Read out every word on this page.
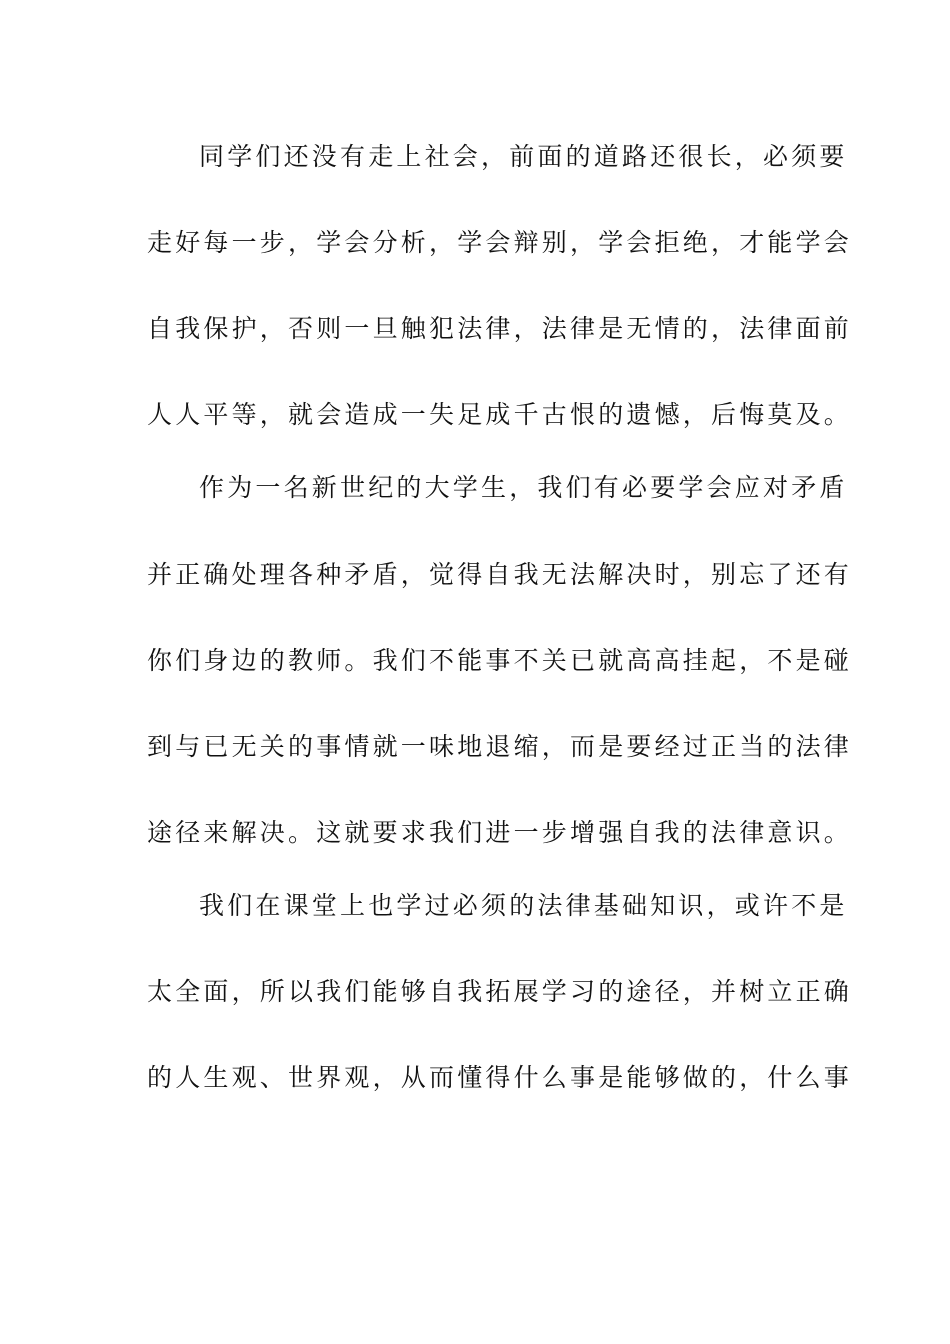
同学们还没有走上社会，前面的道路还很长，必须要
走好每一步，学会分析，学会辩别，学会拒绝，才能学会
自我保护，否则一旦触犯法律，法律是无情的，法律面前
人人平等，就会造成一失足成千古恨的遗憾，后悔莫及。
作为一名新世纪的大学生，我们有必要学会应对矛盾
并正确处理各种矛盾，觉得自我无法解决时，别忘了还有
你们身边的教师。我们不能事不关已就高高挂起，不是碰
到与已无关的事情就一味地退缩，而是要经过正当的法律
途径来解决。这就要求我们进一步增强自我的法律意识。
我们在课堂上也学过必须的法律基础知识，或许不是
太全面，所以我们能够自我拓展学习的途径，并树立正确
的人生观、世界观，从而懂得什么事是能够做的，什么事
